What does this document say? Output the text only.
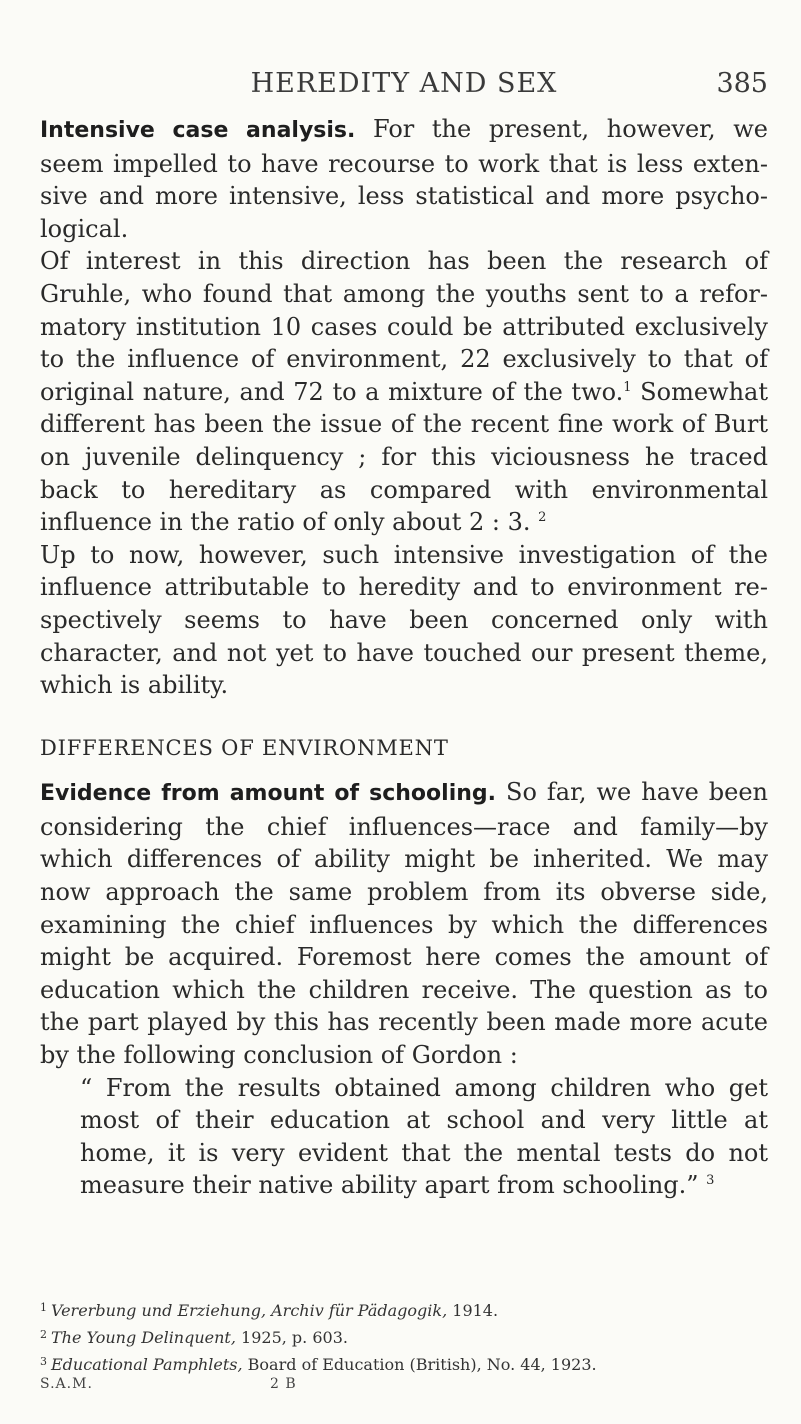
HEREDITY AND SEX	385

Intensive case analysis. For the present, however, we seem impelled to have recourse to work that is less exten- sive and more intensive, less statistical and more psycho- logical.

Of interest in this direction has been the research of Gruhle, who found that among the youths sent to a refor- matory institution 10 cases could be attributed exclusively to the influence of environment, 22 exclusively to that of original nature, and 72 to a mixture of the two.$^1$ Somewhat different has been the issue of the recent fine work of Burt on juvenile delinquency ; for this viciousness he traced back to hereditary as compared with environmental influence in the ratio of only about 2 : 3. $^2$

Up to now, however, such intensive investigation of the influence attributable to heredity and to environment re- spectively seems to have been concerned only with character, and not yet to have touched our present theme, which is ability.

DIFFERENCES OF ENVIRONMENT

Evidence from amount of schooling. So far, we have been considering the chief influences—race and family—by which differences of ability might be inherited. We may now approach the same problem from its obverse side, examining the chief influences by which the differences might be acquired. Foremost here comes the amount of education which the children receive. The question as to the part played by this has recently been made more acute by the following conclusion of Gordon :

“ From the results obtained among children who get most of their education at school and very little at home, it is very evident that the mental tests do not measure their native ability apart from schooling.” $^3$

$^1$ Vererbung und Erziehung, Archiv für Pädagogik, 1914.
$^2$ The Young Delinquent, 1925, p. 603.
$^3$ Educational Pamphlets, Board of Education (British), No. 44, 1923.
S.A.M.	2 B
